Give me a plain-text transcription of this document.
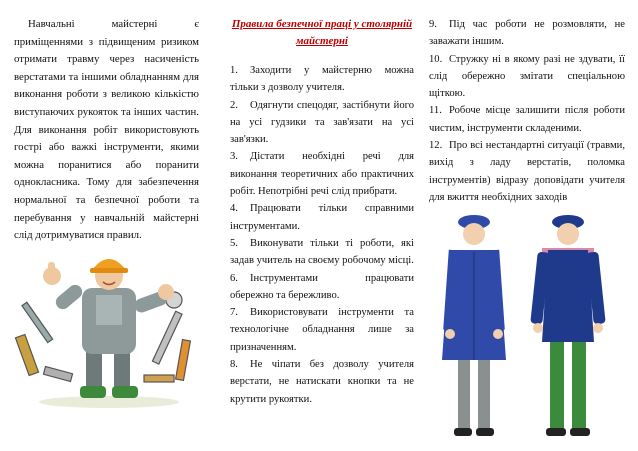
Навчальні майстерні є приміщеннями з підвищеним ризиком отримати травму через насиченість верстатами та іншими обладнанням для виконання роботи з великою кількістю виступаючих рукояток та інших частин. Для виконання робіт використовують гострі або важкі інструменти, якими можна поранитися або поранити однокласника. Тому для забезпечення нормальної та безпечної роботи та перебування у навчальній майстерні слід дотримуватися правил.

Правила безпечної праці у столярній майстерні

1. Заходити у майстерню можна тільки з дозволу учителя.

2. Одягнути спецодяг, застібнути його на усі гудзики та зав'язати на усі зав'язки.

3. Дістати необхідні речі для виконання теоретичних або практичних робіт. Непотрібні речі слід прибрати.

4. Працювати тільки справними інструментами.

5. Виконувати тільки ті роботи, які задав учитель на своєму робочому місці.

6. Інструментами працювати обережно та бережливо.

7. Використовувати інструменти та технологічне обладнання лише за призначенням.

8. Не чіпати без дозволу учителя верстати, не натискати кнопки та не крутити рукоятки.

9. Під час роботи не розмовляти, не заважати іншим.

10. Стружку ні в якому разі не здувати, її слід обережно змітати спеціальною щіткою.

11. Робоче місце залишити після роботи чистим, інструменти складеними.

12. Про всі нестандартні ситуації (травми, вихід з ладу верстатів, поломка інструментів) відразу доповідати учителя для вжиття необхідних заходів
